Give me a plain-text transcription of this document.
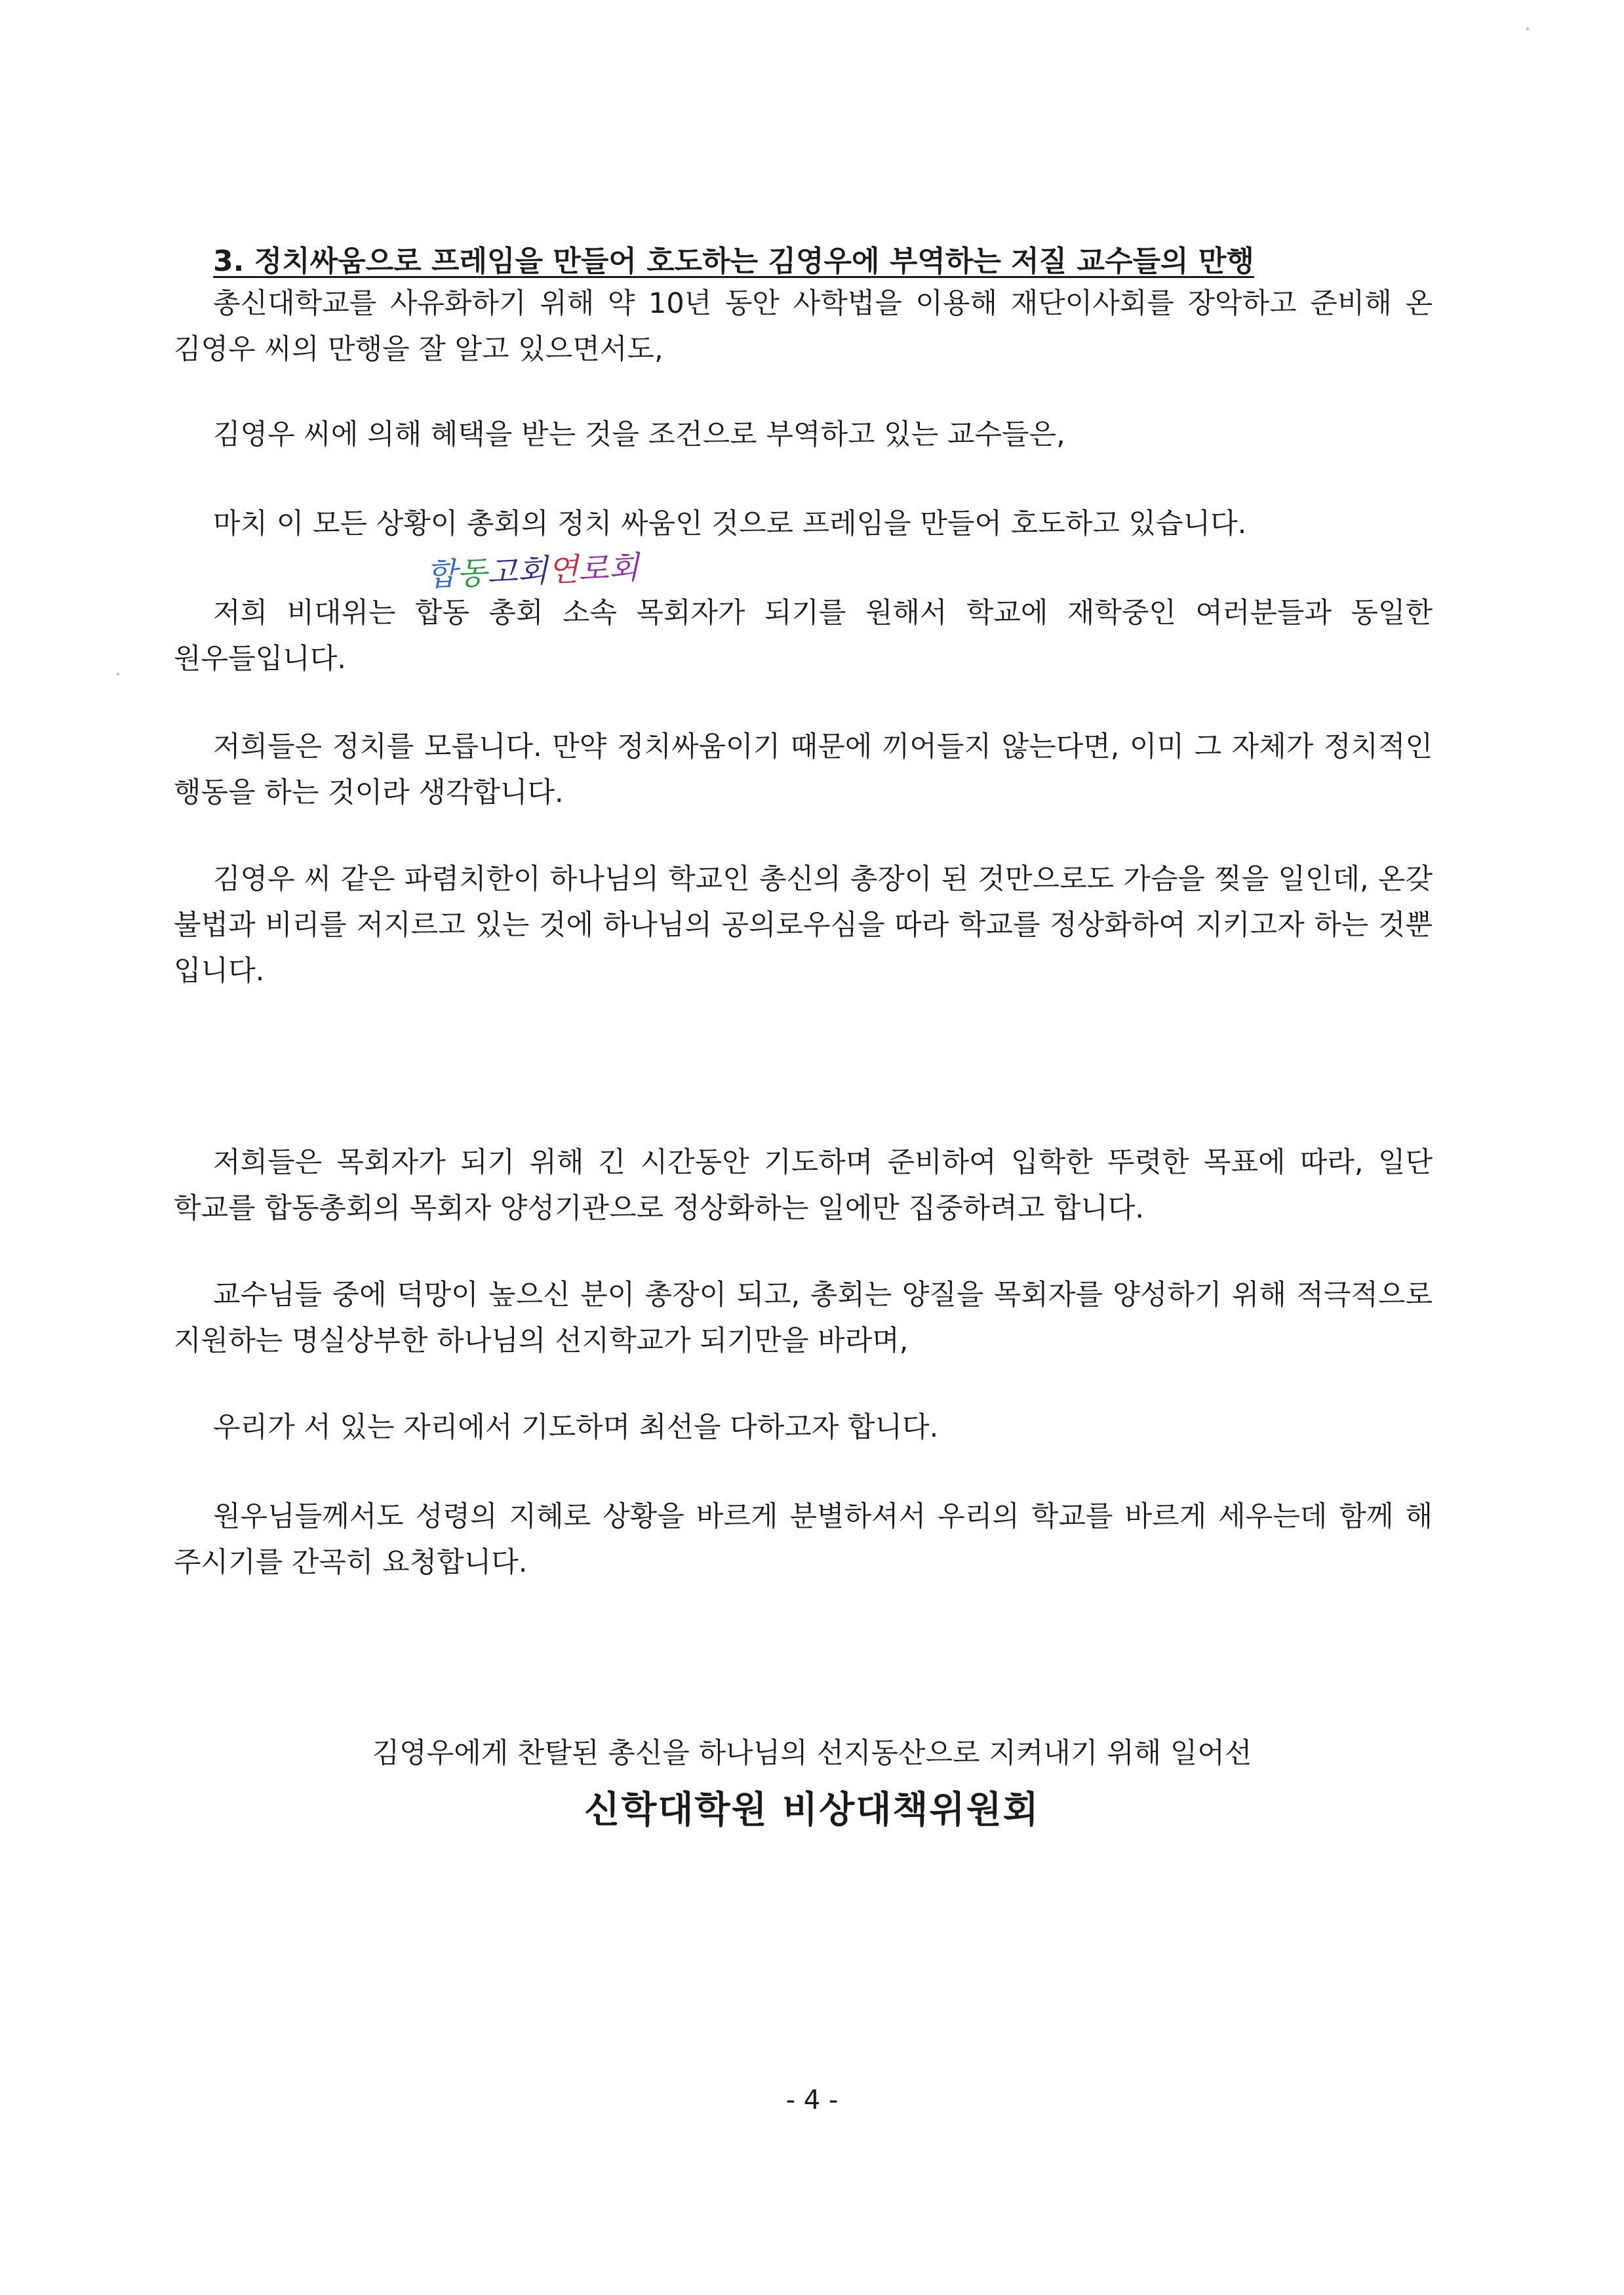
3. 정치싸움으로 프레임을 만들어 호도하는 김영우에 부역하는 저질 교수들의 만행

총신대학교를 사유화하기 위해 약 10년 동안 사학법을 이용해 재단이사회를 장악하고 준비해 온 김영우 씨의 만행을 잘 알고 있으면서도,

김영우 씨에 의해 혜택을 받는 것을 조건으로 부역하고 있는 교수들은,

마치 이 모든 상황이 총회의 정치 싸움인 것으로 프레임을 만들어 호도하고 있습니다.

합동고회연로회

저희 비대위는 합동 총회 소속 목회자가 되기를 원해서 학교에 재학중인 여러분들과 동일한 원우들입니다.

저희들은 정치를 모릅니다. 만약 정치싸움이기 때문에 끼어들지 않는다면, 이미 그 자체가 정치적인 행동을 하는 것이라 생각합니다.

김영우 씨 같은 파렴치한이 하나님의 학교인 총신의 총장이 된 것만으로도 가슴을 찢을 일인데, 온갖 불법과 비리를 저지르고 있는 것에 하나님의 공의로우심을 따라 학교를 정상화하여 지키고자 하는 것뿐 입니다.

저희들은 목회자가 되기 위해 긴 시간동안 기도하며 준비하여 입학한 뚜렷한 목표에 따라, 일단 학교를 합동총회의 목회자 양성기관으로 정상화하는 일에만 집중하려고 합니다.

교수님들 중에 덕망이 높으신 분이 총장이 되고, 총회는 양질을 목회자를 양성하기 위해 적극적으로 지원하는 명실상부한 하나님의 선지학교가 되기만을 바라며,

우리가 서 있는 자리에서 기도하며 최선을 다하고자 합니다.

원우님들께서도 성령의 지혜로 상황을 바르게 분별하셔서 우리의 학교를 바르게 세우는데 함께 해 주시기를 간곡히 요청합니다.

김영우에게 찬탈된 총신을 하나님의 선지동산으로 지켜내기 위해 일어선
신학대학원 비상대책위원회
- 4 -
